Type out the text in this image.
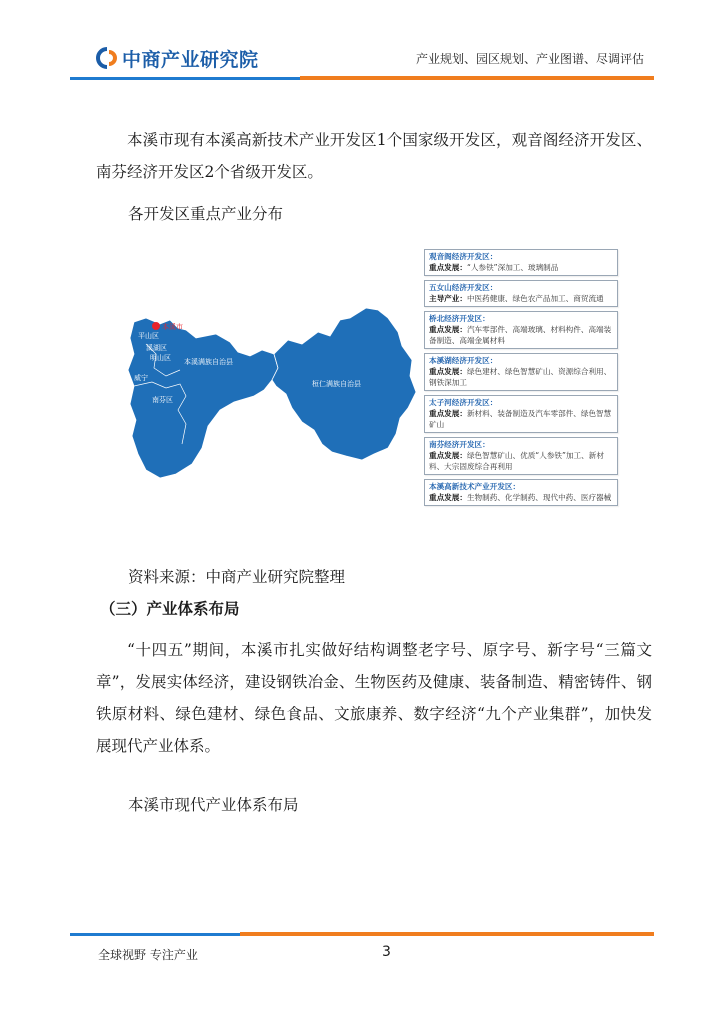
中商产业研究院	产业规划、园区规划、产业图谱、尽调评估

本溪市现有本溪高新技术产业开发区1个国家级开发区，观音阁经济开发区、南芬经济开发区2个省级开发区。

各开发区重点产业分布
本溪市
平山区
溪湖区
明山区
威宁
南芬区
本溪满族自治县
桓仁满族自治县
观音阁经济开发区：
重点发展：“人参铁”深加工、玻璃制品
五女山经济开发区：
主导产业：中医药健康、绿色农产品加工、商贸流通
桥北经济开发区：
重点发展：汽车零部件、高端玻璃、材料构件、高端装备制造、高端金属材料
本溪湖经济开发区：
重点发展：绿色建材、绿色智慧矿山、资源综合利用、钢铁深加工
太子河经济开发区：
重点发展：新材料、装备制造及汽车零部件、绿色智慧矿山
南芬经济开发区：
重点发展：绿色智慧矿山、优质“人参铁”加工、新材料、大宗固废综合再利用
本溪高新技术产业开发区：
重点发展：生物制药、化学制药、现代中药、医疗器械
资料来源：中商产业研究院整理
（三）产业体系布局

“十四五”期间，本溪市扎实做好结构调整老字号、原字号、新字号“三篇文章”，发展实体经济，建设钢铁冶金、生物医药及健康、装备制造、精密铸件、钢铁原材料、绿色建材、绿色食品、文旅康养、数字经济“九个产业集群”，加快发展现代产业体系。

本溪市现代产业体系布局
全球视野 专注产业	3
